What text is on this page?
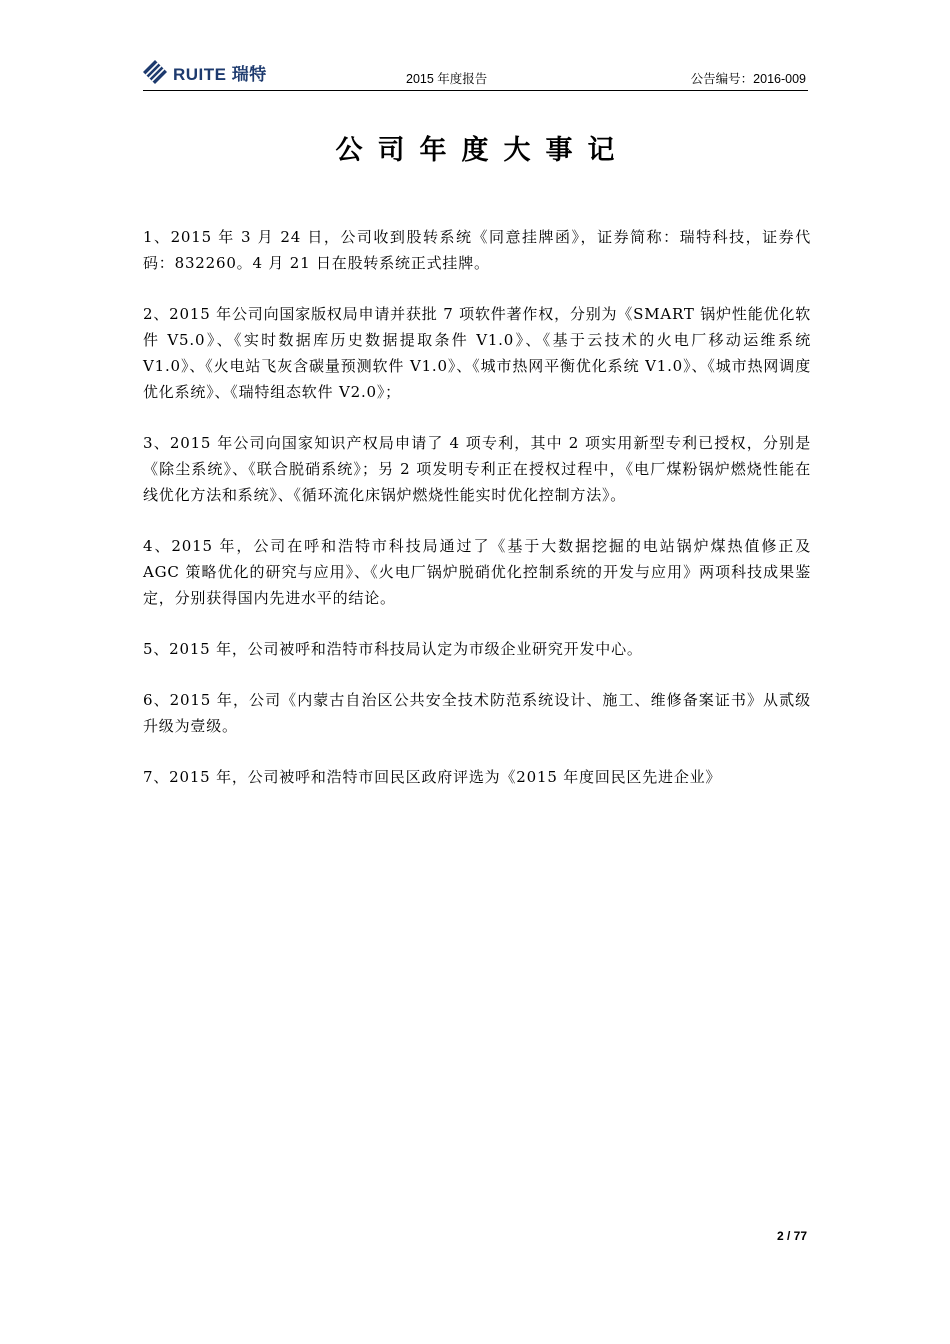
RUITE 瑞特	2015 年度报告	公告编号：2016-009
公司年度大事记

1、2015 年 3 月 24 日，公司收到股转系统《同意挂牌函》，证券简称：瑞特科技，证券代码：832260。4 月 21 日在股转系统正式挂牌。

2、2015 年公司向国家版权局申请并获批 7 项软件著作权，分别为《SMART 锅炉性能优化软件 V5.0》、《实时数据库历史数据提取条件 V1.0》、《基于云技术的火电厂移动运维系统 V1.0》、《火电站飞灰含碳量预测软件 V1.0》、《城市热网平衡优化系统 V1.0》、《城市热网调度优化系统》、《瑞特组态软件 V2.0》；

3、2015 年公司向国家知识产权局申请了 4 项专利，其中 2 项实用新型专利已授权，分别是《除尘系统》、《联合脱硝系统》；另 2 项发明专利正在授权过程中，《电厂煤粉锅炉燃烧性能在线优化方法和系统》、《循环流化床锅炉燃烧性能实时优化控制方法》。

4、2015 年，公司在呼和浩特市科技局通过了《基于大数据挖掘的电站锅炉煤热值修正及 AGC 策略优化的研究与应用》、《火电厂锅炉脱硝优化控制系统的开发与应用》两项科技成果鉴定，分别获得国内先进水平的结论。

5、2015 年，公司被呼和浩特市科技局认定为市级企业研究开发中心。

6、2015 年，公司《内蒙古自治区公共安全技术防范系统设计、施工、维修备案证书》从贰级升级为壹级。

7、2015 年，公司被呼和浩特市回民区政府评选为《2015 年度回民区先进企业》

2 / 77
